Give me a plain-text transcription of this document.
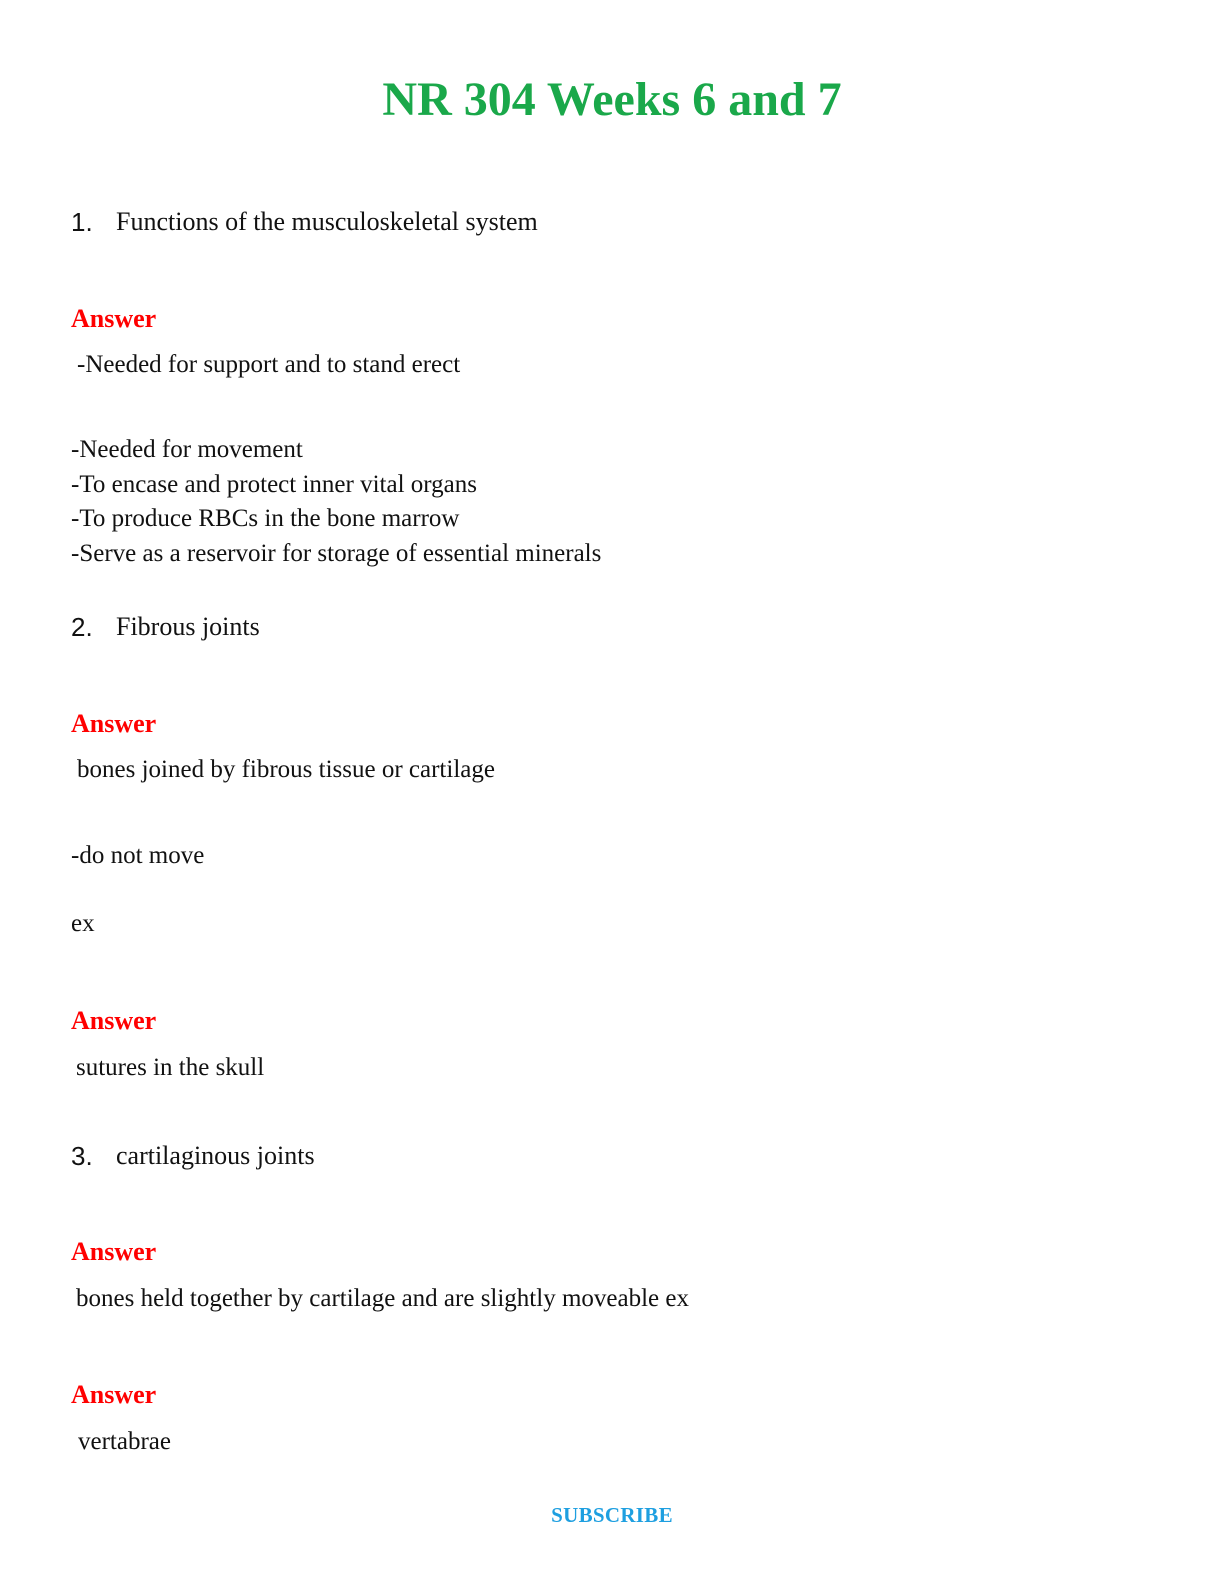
NR 304 Weeks 6 and 7
1. Functions of the musculoskeletal system
Answer
-Needed for support and to stand erect
-Needed for movement
-To encase and protect inner vital organs
-To produce RBCs in the bone marrow
-Serve as a reservoir for storage of essential minerals
2. Fibrous joints
Answer
bones joined by fibrous tissue or cartilage
-do not move
ex
Answer
sutures in the skull
3. cartilaginous joints
Answer
bones held together by cartilage and are slightly moveable ex
Answer
vertabrae
SUBSCRIBE
